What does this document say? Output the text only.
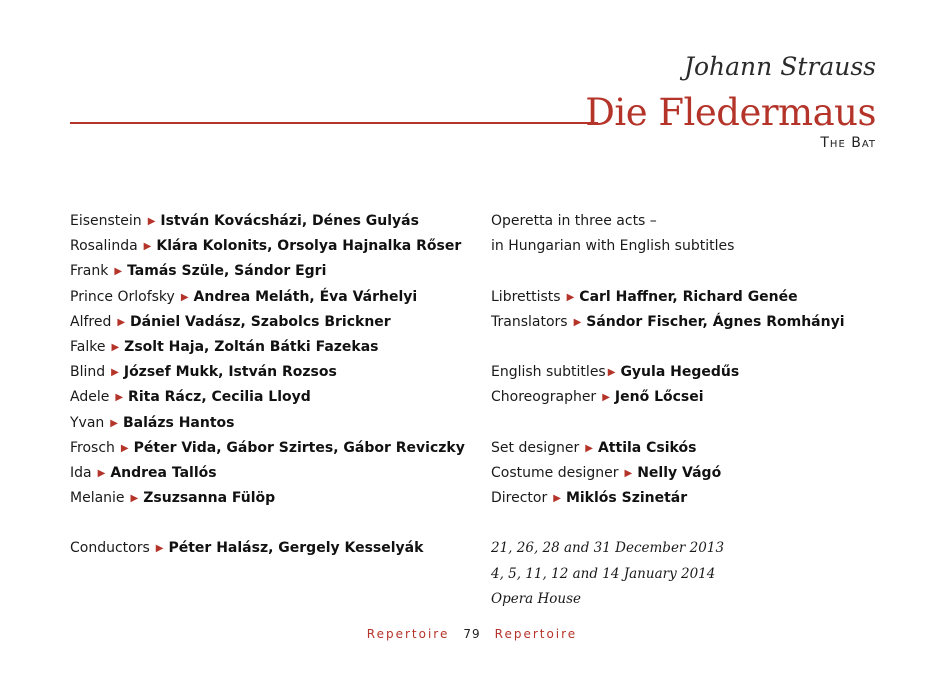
Johann Strauss
Die Fledermaus
The Bat
Eisenstein ▶ István Kovácsházi, Dénes Gulyás
Rosalinda ▶ Klára Kolonits, Orsolya Hajnalka Rőser
Frank ▶ Tamás Szüle, Sándor Egri
Prince Orlofsky ▶ Andrea Meláth, Éva Várhelyi
Alfred ▶ Dániel Vadász, Szabolcs Brickner
Falke ▶ Zsolt Haja, Zoltán Bátki Fazekas
Blind ▶ József Mukk, István Rozsos
Adele ▶ Rita Rácz, Cecilia Lloyd
Yvan ▶ Balázs Hantos
Frosch ▶ Péter Vida, Gábor Szirtes, Gábor Reviczky
Ida ▶ Andrea Tallós
Melanie ▶ Zsuzsanna Fülöp
Conductors ▶ Péter Halász, Gergely Kesselyák
Operetta in three acts –
in Hungarian with English subtitles
Librettists ▶ Carl Haffner, Richard Genée
Translators ▶ Sándor Fischer, Ágnes Romhányi
English subtitles ▶ Gyula Hegedűs
Choreographer ▶ Jenő Lőcsei
Set designer ▶ Attila Csikós
Costume designer ▶ Nelly Vágó
Director ▶ Miklós Szinetár
21, 26, 28 and 31 December 2013
4, 5, 11, 12 and 14 January 2014
Opera House
Repertoire 79 Repertoire
